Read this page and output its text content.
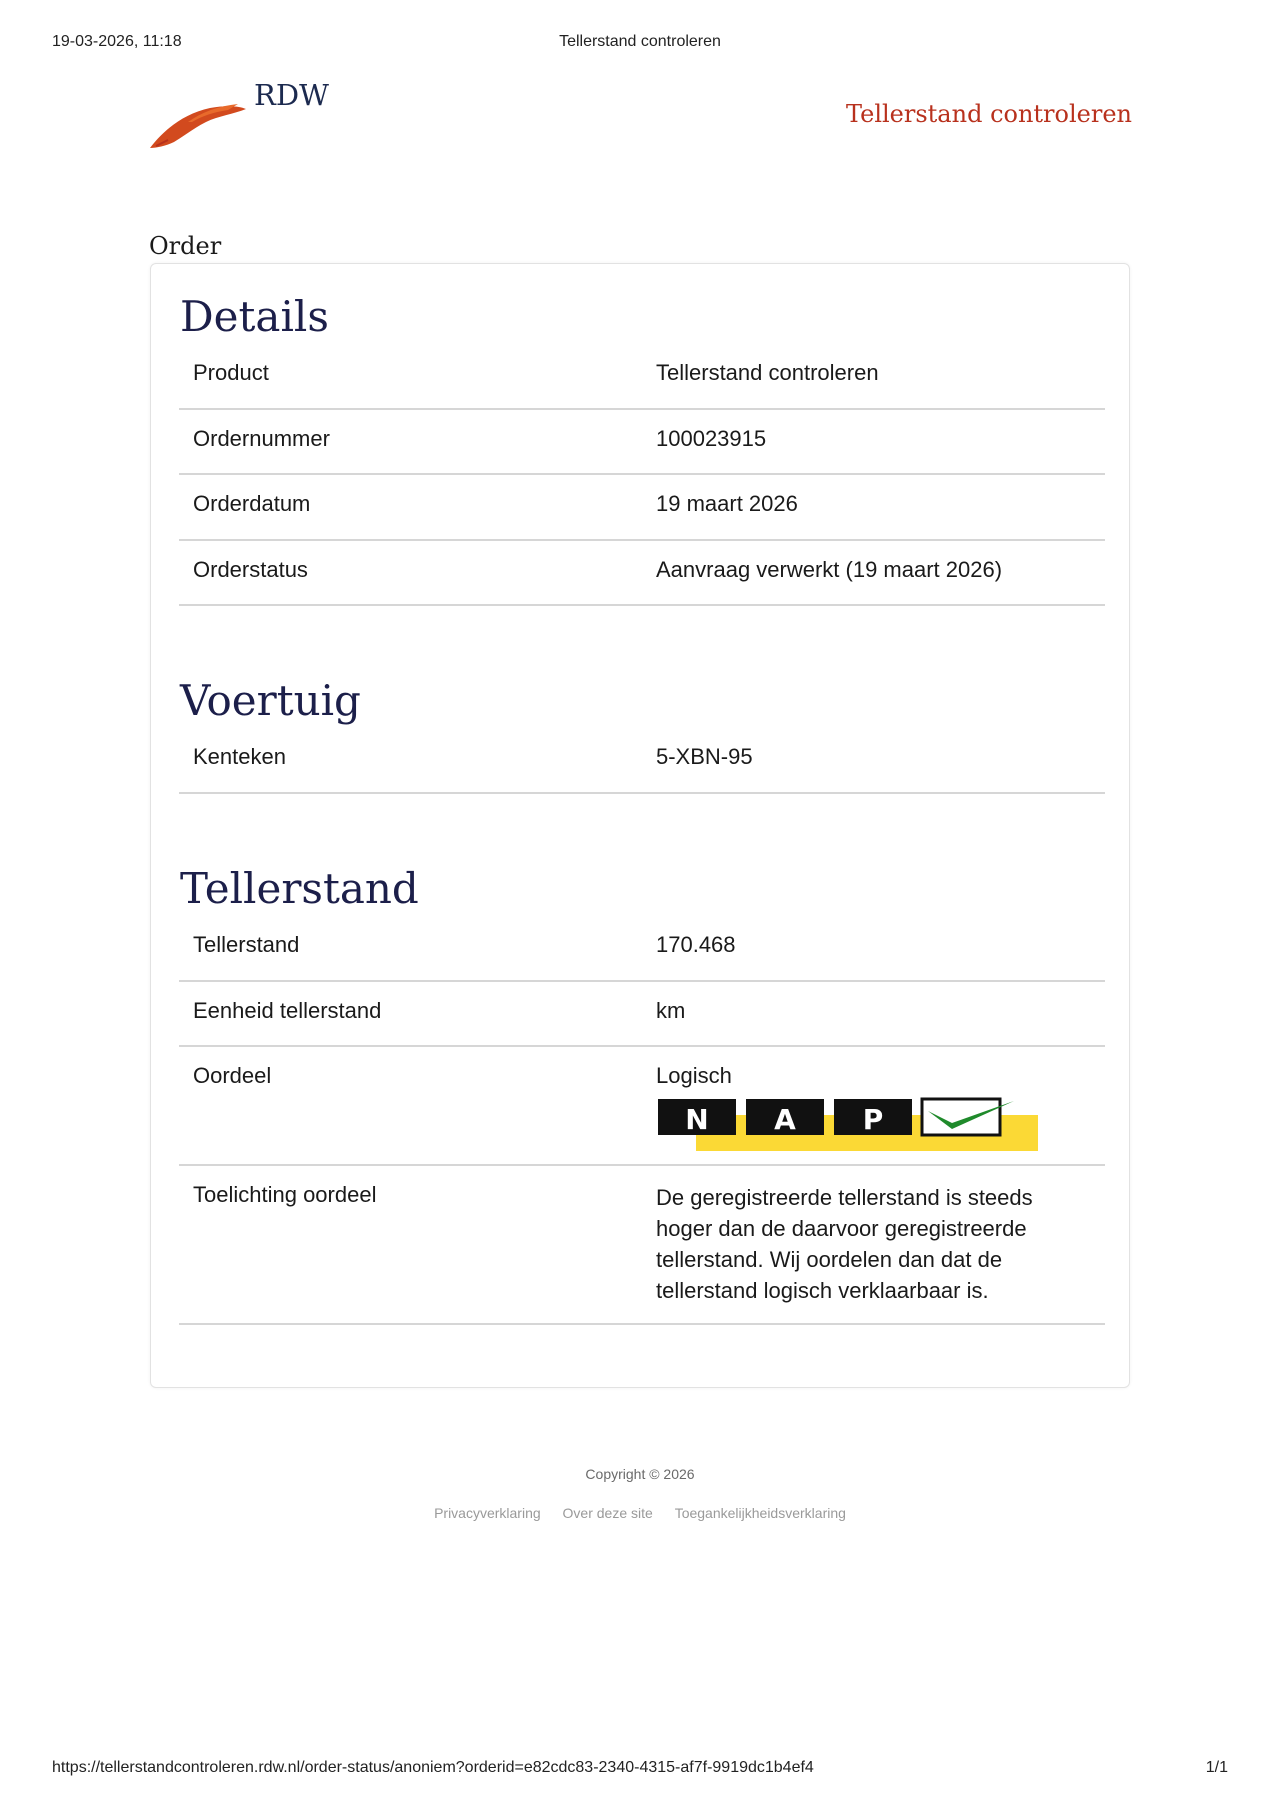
19-03-2026, 11:18	Tellerstand controleren
RDW
Tellerstand controleren
Order
Details
Product	Tellerstand controleren
Ordernummer	100023915
Orderdatum	19 maart 2026
Orderstatus	Aanvraag verwerkt (19 maart 2026)
Voertuig
Kenteken	5-XBN-95
Tellerstand
Tellerstand	170.468
Eenheid tellerstand	km
Oordeel	Logisch
N A P
Toelichting oordeel	De geregistreerde tellerstand is steeds hoger dan de daarvoor geregistreerde tellerstand. Wij oordelen dan dat de tellerstand logisch verklaarbaar is.
Copyright © 2026
Privacyverklaring Over deze site Toegankelijkheidsverklaring
https://tellerstandcontroleren.rdw.nl/order-status/anoniem?orderid=e82cdc83-2340-4315-af7f-9919dc1b4ef4	1/1
